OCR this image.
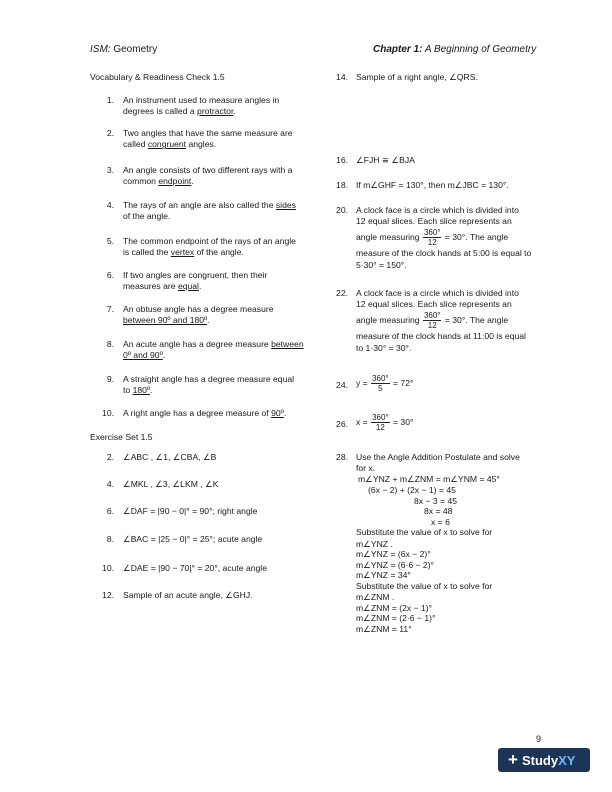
ISM: Geometry	Chapter 1: A Beginning of Geometry
Vocabulary & Readiness Check 1.5
1. An instrument used to measure angles in
degrees is called a protractor.
2. Two angles that have the same measure are
called congruent angles.
3. An angle consists of two different rays with a
common endpoint.
4. The rays of an angle are also called the sides
of the angle.
5. The common endpoint of the rays of an angle
is called the vertex of the angle.
6. If two angles are congruent, then their
measures are equal.
7. An obtuse angle has a degree measure
between 90º and 180º.
8. An acute angle has a degree measure between
0º and 90º.
9. A straight angle has a degree measure equal
to 180º.
10. A right angle has a degree measure of 90º.
Exercise Set 1.5
2. ∠ABC , ∠1, ∠CBA, ∠B
4. ∠MKL , ∠3, ∠LKM , ∠K
6. ∠DAF = |90 − 0|° = 90°; right angle
8. ∠BAC = |25 − 0|° = 25°; acute angle
10. ∠DAE = |90 − 70|° = 20°, acute angle
12. Sample of an acute angle, ∠GHJ.
14. Sample of a right angle, ∠QRS.
16. ∠FJH ≅ ∠BJA
18. If m∠GHF = 130°, then m∠JBC = 130°.
20. A clock face is a circle which is divided into
12 equal slices. Each slice represents an
angle measuring $\frac{360^\circ}{12} = 30^\circ$. The angle
measure of the clock hands at 5:00 is equal to
5·30° = 150°.
22. A clock face is a circle which is divided into
12 equal slices. Each slice represents an
angle measuring $\frac{360^\circ}{12} = 30^\circ$. The angle
measure of the clock hands at 11:00 is equal
to 1·30° = 30°.
24. $y = \frac{360^\circ}{5} = 72^\circ$
26. $x = \frac{360^\circ}{12} = 30^\circ$
28. Use the Angle Addition Postulate and solve
for x.
m∠YNZ + m∠ZNM = m∠YNM = 45°
(6x − 2) + (2x − 1) = 45
8x − 3 = 45
8x = 48
x = 6
Substitute the value of x to solve for
m∠YNZ .
m∠YNZ = (6x − 2)°
m∠YNZ = (6·6 − 2)°
m∠YNZ = 34°
Substitute the value of x to solve for
m∠ZNM .
m∠ZNM = (2x − 1)°
m∠ZNM = (2·6 − 1)°
m∠ZNM = 11°
9
+ Study XY
